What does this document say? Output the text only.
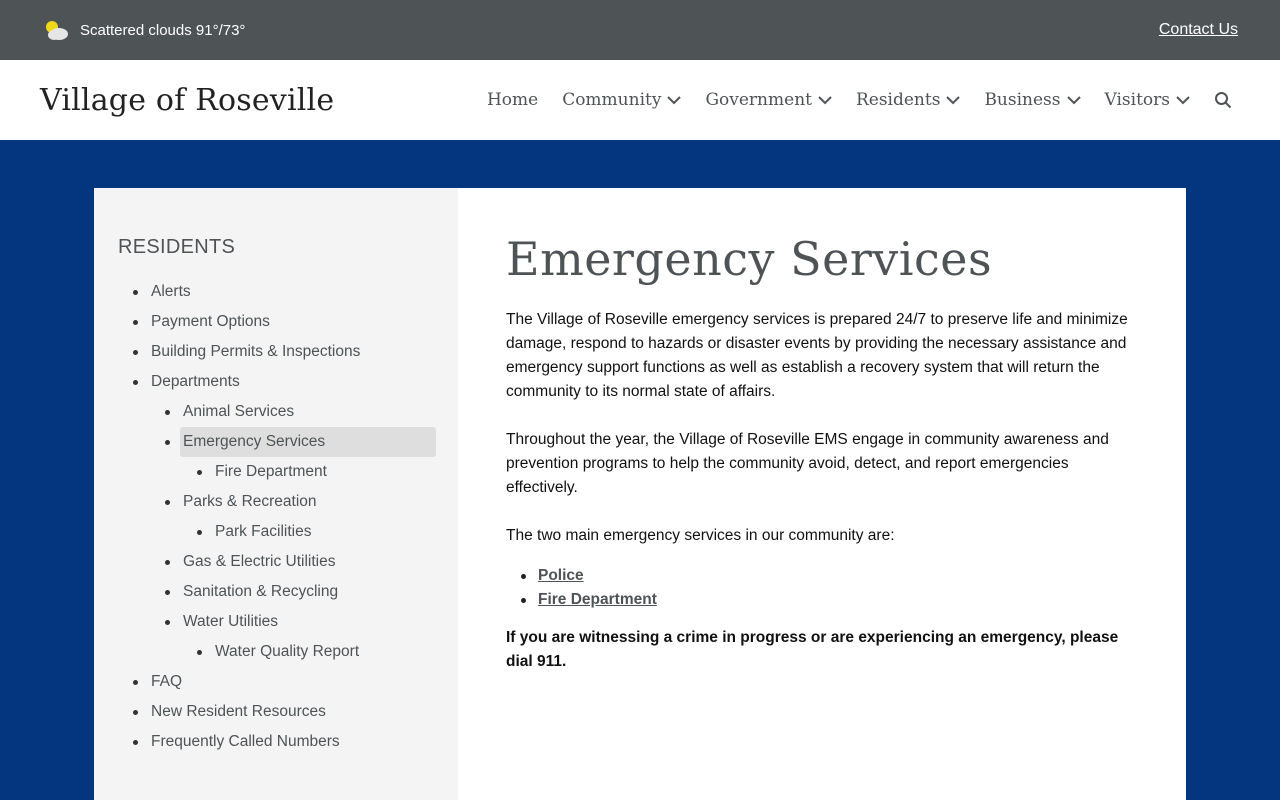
Scattered clouds 91°/73°	Contact Us
Village of Roseville	Home Community	Government	Residents	Business	Visitors
RESIDENTS
Alerts
Payment Options
Building Permits & Inspections
Departments
Animal Services
Emergency Services
Fire Department
Parks & Recreation
Park Facilities
Gas & Electric Utilities
Sanitation & Recycling
Water Utilities
Water Quality Report
FAQ
New Resident Resources
Frequently Called Numbers
Emergency Services

The Village of Roseville emergency services is prepared 24/7 to preserve life and minimize damage, respond to hazards or disaster events by providing the necessary assistance and emergency support functions as well as establish a recovery system that will return the community to its normal state of affairs.

Throughout the year, the Village of Roseville EMS engage in community awareness and prevention programs to help the community avoid, detect, and report emergencies effectively.

The two main emergency services in our community are:

Police
Fire Department

If you are witnessing a crime in progress or are experiencing an emergency, please dial 911.
